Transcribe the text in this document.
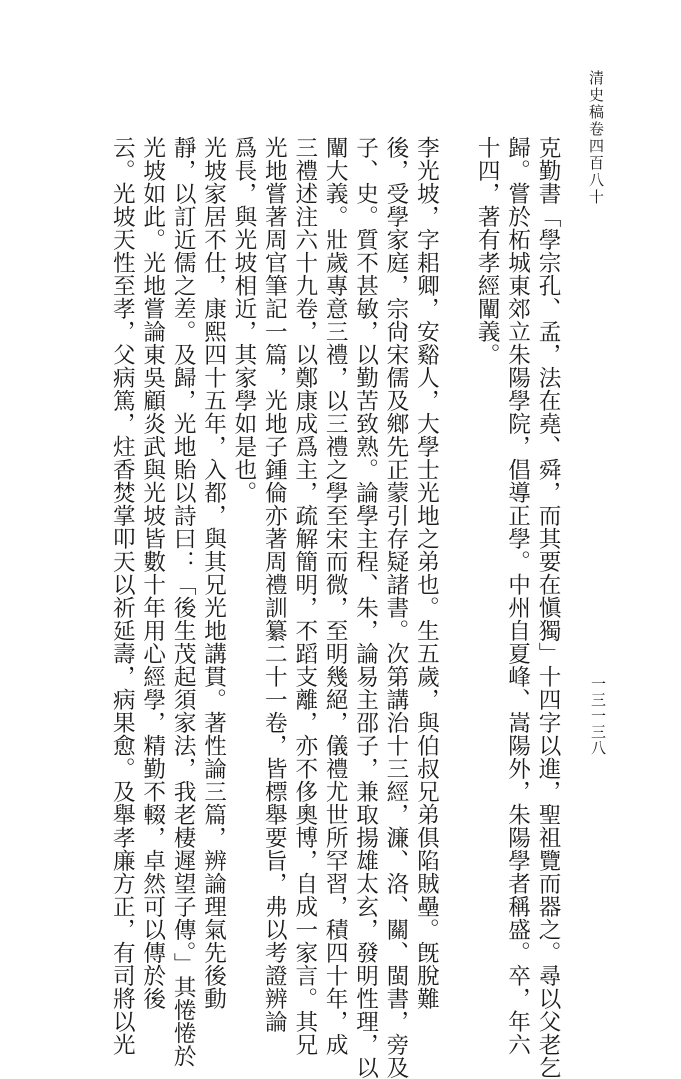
清史稿卷四百八十
一三一三八
克勤書「學宗孔、孟，法在堯、舜，而其要在愼獨」十四字以進，聖祖覽而器之。尋以父老乞
歸。嘗於柘城東郊立朱陽學院，倡導正學。中州自夏峰、嵩陽外，朱陽學者稱盛。卒，年六
十四，著有孝經闡義。
李光坡，字耜卿，安谿人，大學士光地之弟也。生五歲，與伯叔兄弟俱陷賊壘。旣脫難
後，受學家庭，宗尙宋儒及鄉先正蒙引存疑諸書。次第講治十三經，濂、洛、關、閩書，旁及
子、史。質不甚敏，以勤苦致熟。論學主程、朱，論易主邵子，兼取揚雄太玄，發明性理，以
闡大義。壯歲專意三禮，以三禮之學至宋而微，至明幾絕，儀禮尤世所罕習，積四十年，成
三禮述注六十九卷，以鄭康成爲主，疏解簡明，不蹈支離，亦不侈奧博，自成一家言。其兄
光地嘗著周官筆記一篇，光地子鍾倫亦著周禮訓纂二十一卷，皆標舉要旨，弗以考證辨論
爲長，與光坡相近，其家學如是也。
光坡家居不仕，康熙四十五年，入都，與其兄光地講貫。著性論三篇，辨論理氣先後動
靜，以訂近儒之差。及歸，光地貽以詩曰：「後生茂起須家法，我老棲遲望子傳。」其惓惓於
光坡如此。光地嘗論東吳顧炎武與光坡皆數十年用心經學，精勤不輟，卓然可以傳於後
云。光坡天性至孝，父病篤，炷香焚掌叩天以祈延壽，病果愈。及舉孝廉方正，有司將以光
